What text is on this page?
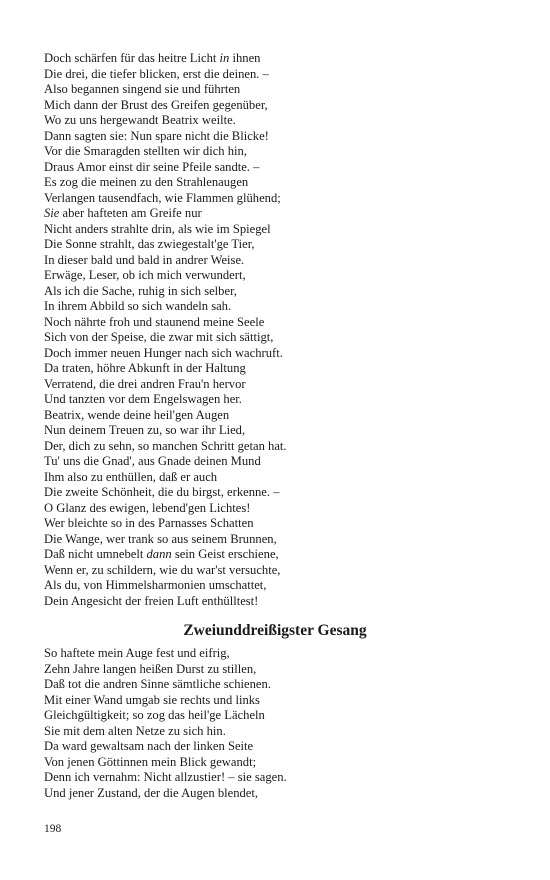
Doch schärfen für das heitre Licht in ihnen
Die drei, die tiefer blicken, erst die deinen. –
Also begannen singend sie und führten
Mich dann der Brust des Greifen gegenüber,
Wo zu uns hergewandt Beatrix weilte.
Dann sagten sie: Nun spare nicht die Blicke!
Vor die Smaragden stellten wir dich hin,
Draus Amor einst dir seine Pfeile sandte. –
Es zog die meinen zu den Strahlenaugen
Verlangen tausendfach, wie Flammen glühend;
Sie aber hafteten am Greife nur
Nicht anders strahlte drin, als wie im Spiegel
Die Sonne strahlt, das zwiegestalt'ge Tier,
In dieser bald und bald in andrer Weise.
Erwäge, Leser, ob ich mich verwundert,
Als ich die Sache, ruhig in sich selber,
In ihrem Abbild so sich wandeln sah.
Noch nährte froh und staunend meine Seele
Sich von der Speise, die zwar mit sich sättigt,
Doch immer neuen Hunger nach sich wachruft.
Da traten, höhre Abkunft in der Haltung
Verratend, die drei andren Frau'n hervor
Und tanzten vor dem Engelswagen her.
Beatrix, wende deine heil'gen Augen
Nun deinem Treuen zu, so war ihr Lied,
Der, dich zu sehn, so manchen Schritt getan hat.
Tu' uns die Gnad', aus Gnade deinen Mund
Ihm also zu enthüllen, daß er auch
Die zweite Schönheit, die du birgst, erkenne. –
O Glanz des ewigen, lebend'gen Lichtes!
Wer bleichte so in des Parnasses Schatten
Die Wange, wer trank so aus seinem Brunnen,
Daß nicht umnebelt dann sein Geist erschiene,
Wenn er, zu schildern, wie du war'st versuchte,
Als du, von Himmelsharmonien umschattet,
Dein Angesicht der freien Luft enthülltest!
Zweiunddreißigster Gesang
So haftete mein Auge fest und eifrig,
Zehn Jahre langen heißen Durst zu stillen,
Daß tot die andren Sinne sämtliche schienen.
Mit einer Wand umgab sie rechts und links
Gleichgültigkeit; so zog das heil'ge Lächeln
Sie mit dem alten Netze zu sich hin.
Da ward gewaltsam nach der linken Seite
Von jenen Göttinnen mein Blick gewandt;
Denn ich vernahm: Nicht allzustier! – sie sagen.
Und jener Zustand, der die Augen blendet,
198
